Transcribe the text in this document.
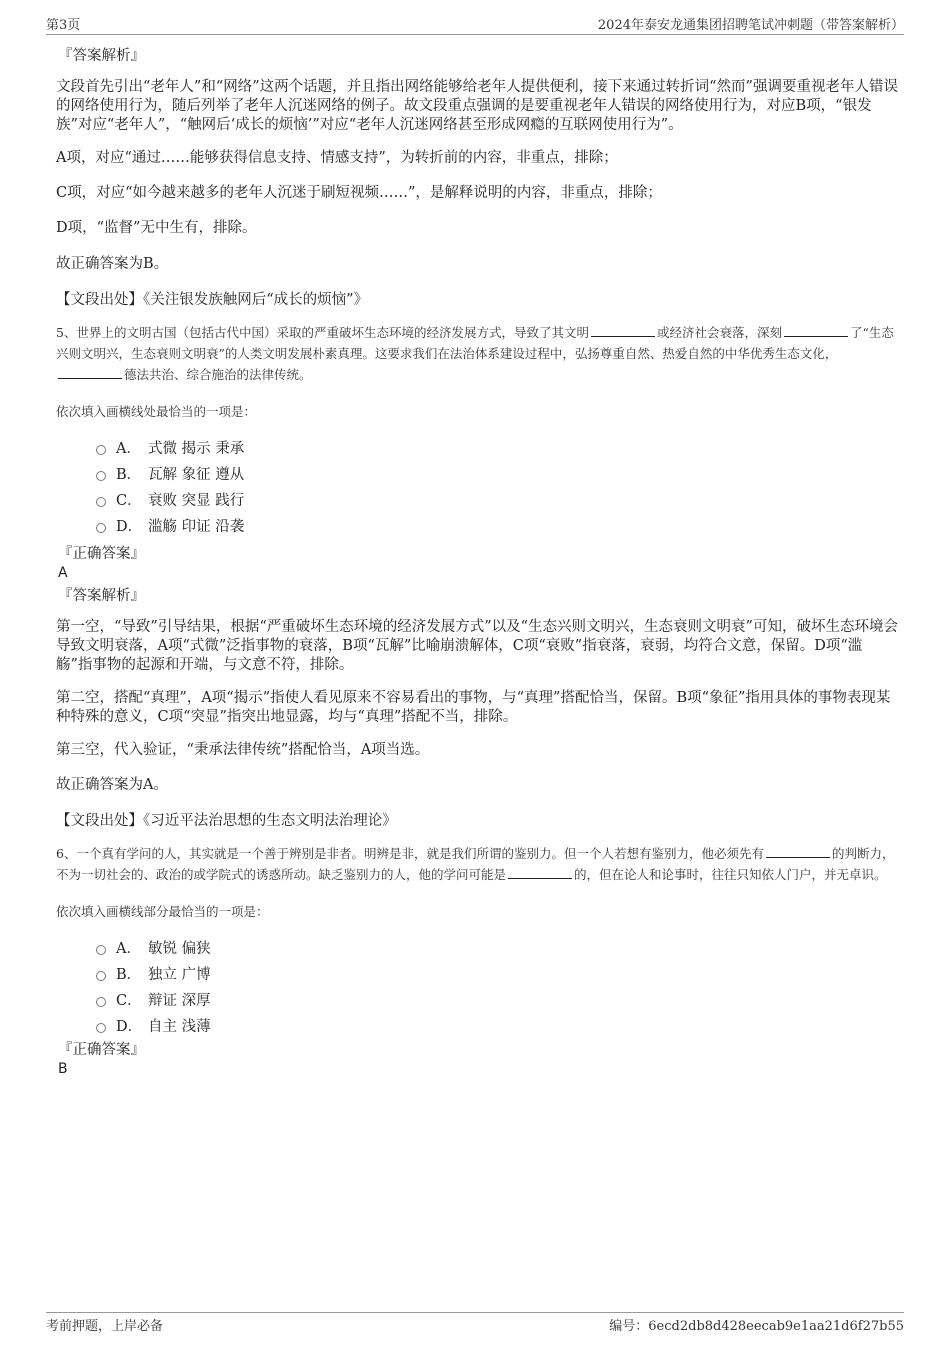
第3页	2024年泰安龙通集团招聘笔试冲刺题（带答案解析）
『答案解析』

文段首先引出“老年人”和“网络”这两个话题，并且指出网络能够给老年人提供便利，接下来通过转折词“然而”强调要重视老年人错误的网络使用行为，随后列举了老年人沉迷网络的例子。故文段重点强调的是要重视老年人错误的网络使用行为，对应B项，“银发族”对应“老年人”，“触网后‘成长的烦恼’”对应“老年人沉迷网络甚至形成网瘾的互联网使用行为”。

A项，对应“通过……能够获得信息支持、情感支持”，为转折前的内容，非重点，排除；

C项，对应“如今越来越多的老年人沉迷于刷短视频……”，是解释说明的内容，非重点，排除；

D项，“监督”无中生有，排除。

故正确答案为B。

【文段出处】《关注银发族触网后“成长的烦恼”》

5、世界上的文明古国（包括古代中国）采取的严重破坏生态环境的经济发展方式，导致了其文明	或经济社会衰落，深刻	了“生态兴则文明兴，生态衰则文明衰”的人类文明发展朴素真理。这要求我们在法治体系建设过程中，弘扬尊重自然、热爱自然的中华优秀生态文化，德法共治、综合施治的法律传统。

依次填入画横线处最恰当的一项是：

A． 式微 揭示 秉承
B． 瓦解 象征 遵从
C． 衰败 突显 践行
D． 滥觞 印证 沿袭
『正确答案』
A
『答案解析』

第一空，“导致”引导结果，根据“严重破坏生态环境的经济发展方式”以及“生态兴则文明兴，生态衰则文明衰”可知，破坏生态环境会导致文明衰落，A项“式微”泛指事物的衰落，B项“瓦解”比喻崩溃解体，C项“衰败”指衰落，衰弱，均符合文意，保留。D项“滥觞”指事物的起源和开端，与文意不符，排除。

第二空，搭配“真理”，A项“揭示”指使人看见原来不容易看出的事物，与“真理”搭配恰当，保留。B项“象征”指用具体的事物表现某种特殊的意义，C项“突显”指突出地显露，均与“真理”搭配不当，排除。

第三空，代入验证，“秉承法律传统”搭配恰当，A项当选。

故正确答案为A。

【文段出处】《习近平法治思想的生态文明法治理论》

6、一个真有学问的人，其实就是一个善于辨别是非者。明辨是非，就是我们所谓的鉴别力。但一个人若想有鉴别力，他必须先有	的判断力，不为一切社会的、政治的或学院式的诱惑所动。缺乏鉴别力的人，他的学问可能是	的，但在论人和论事时，往往只知依人门户，并无卓识。

依次填入画横线部分最恰当的一项是：

A． 敏锐 偏狭
B． 独立 广博
C． 辩证 深厚
D． 自主 浅薄
『正确答案』
B
考前押题，上岸必备	编号：6ecd2db8d428eecab9e1aa21d6f27b55
